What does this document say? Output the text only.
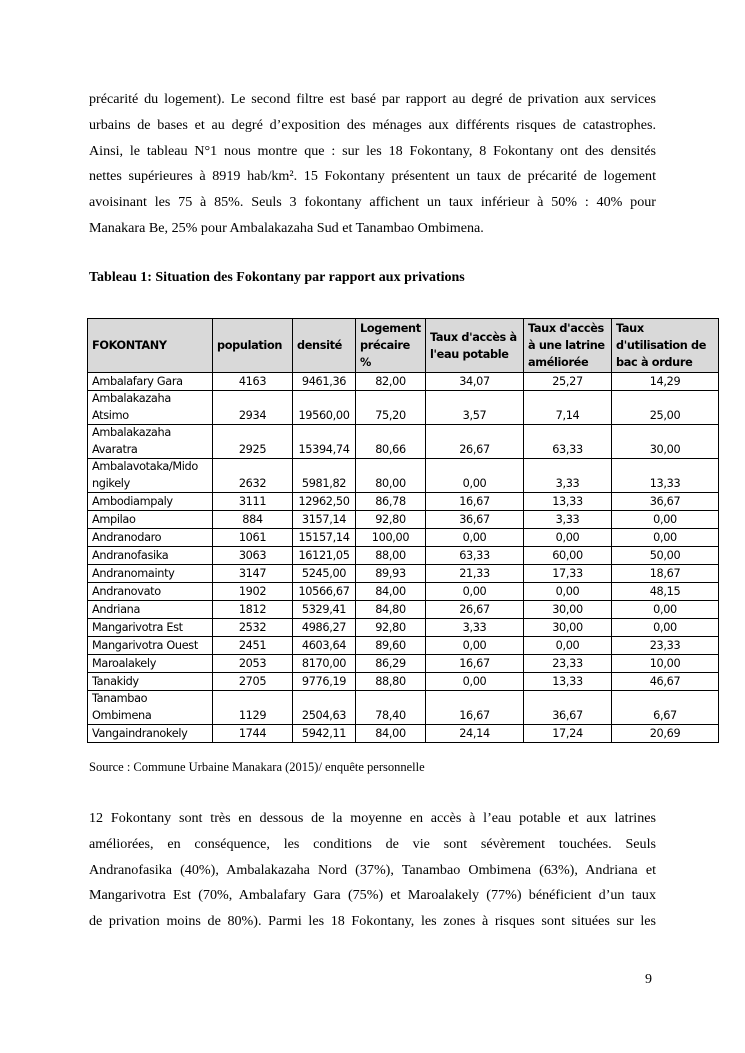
précarité du logement). Le second filtre est basé par rapport au degré de privation aux services
urbains de bases et au degré d’exposition des ménages aux différents risques de catastrophes.
Ainsi, le tableau N°1 nous montre que : sur les 18 Fokontany, 8 Fokontany ont des densités
nettes supérieures à 8919 hab/km². 15 Fokontany présentent un taux de précarité de logement
avoisinant les 75 à 85%. Seuls 3 fokontany affichent un taux inférieur à 50% : 40% pour
Manakara Be, 25% pour Ambalakazaha Sud et Tanambao Ombimena.
Tableau 1: Situation des Fokontany par rapport aux privations
FOKONTANY	population	densité	Logement précaire %	Taux d'accès à l'eau potable	Taux d'accès à une latrine améliorée	Taux d'utilisation de bac à ordure
Ambalafary Gara	4163	9461,36	82,00	34,07	25,27	14,29
Ambalakazaha Atsimo	2934	19560,00	75,20	3,57	7,14	25,00
Ambalakazaha Avaratra	2925	15394,74	80,66	26,67	63,33	30,00
Ambalavotaka/Mido ngikely	2632	5981,82	80,00	0,00	3,33	13,33
Ambodiampaly	3111	12962,50	86,78	16,67	13,33	36,67
Ampilao	884	3157,14	92,80	36,67	3,33	0,00
Andranodaro	1061	15157,14	100,00	0,00	0,00	0,00
Andranofasika	3063	16121,05	88,00	63,33	60,00	50,00
Andranomainty	3147	5245,00	89,93	21,33	17,33	18,67
Andranovato	1902	10566,67	84,00	0,00	0,00	48,15
Andriana	1812	5329,41	84,80	26,67	30,00	0,00
Mangarivotra Est	2532	4986,27	92,80	3,33	30,00	0,00
Mangarivotra Ouest	2451	4603,64	89,60	0,00	0,00	23,33
Maroalakely	2053	8170,00	86,29	16,67	23,33	10,00
Tanakidy	2705	9776,19	88,80	0,00	13,33	46,67
Tanambao Ombimena	1129	2504,63	78,40	16,67	36,67	6,67
Vangaindranokely	1744	5942,11	84,00	24,14	17,24	20,69
Source : Commune Urbaine Manakara (2015)/ enquête personnelle
12 Fokontany sont très en dessous de la moyenne en accès à l’eau potable et aux latrines
améliorées, en conséquence, les conditions de vie sont sévèrement touchées. Seuls
Andranofasika (40%), Ambalakazaha Nord (37%), Tanambao Ombimena (63%), Andriana et
Mangarivotra Est (70%, Ambalafary Gara (75%) et Maroalakely (77%) bénéficient d’un taux
de privation moins de 80%). Parmi les 18 Fokontany, les zones à risques sont situées sur les
9
